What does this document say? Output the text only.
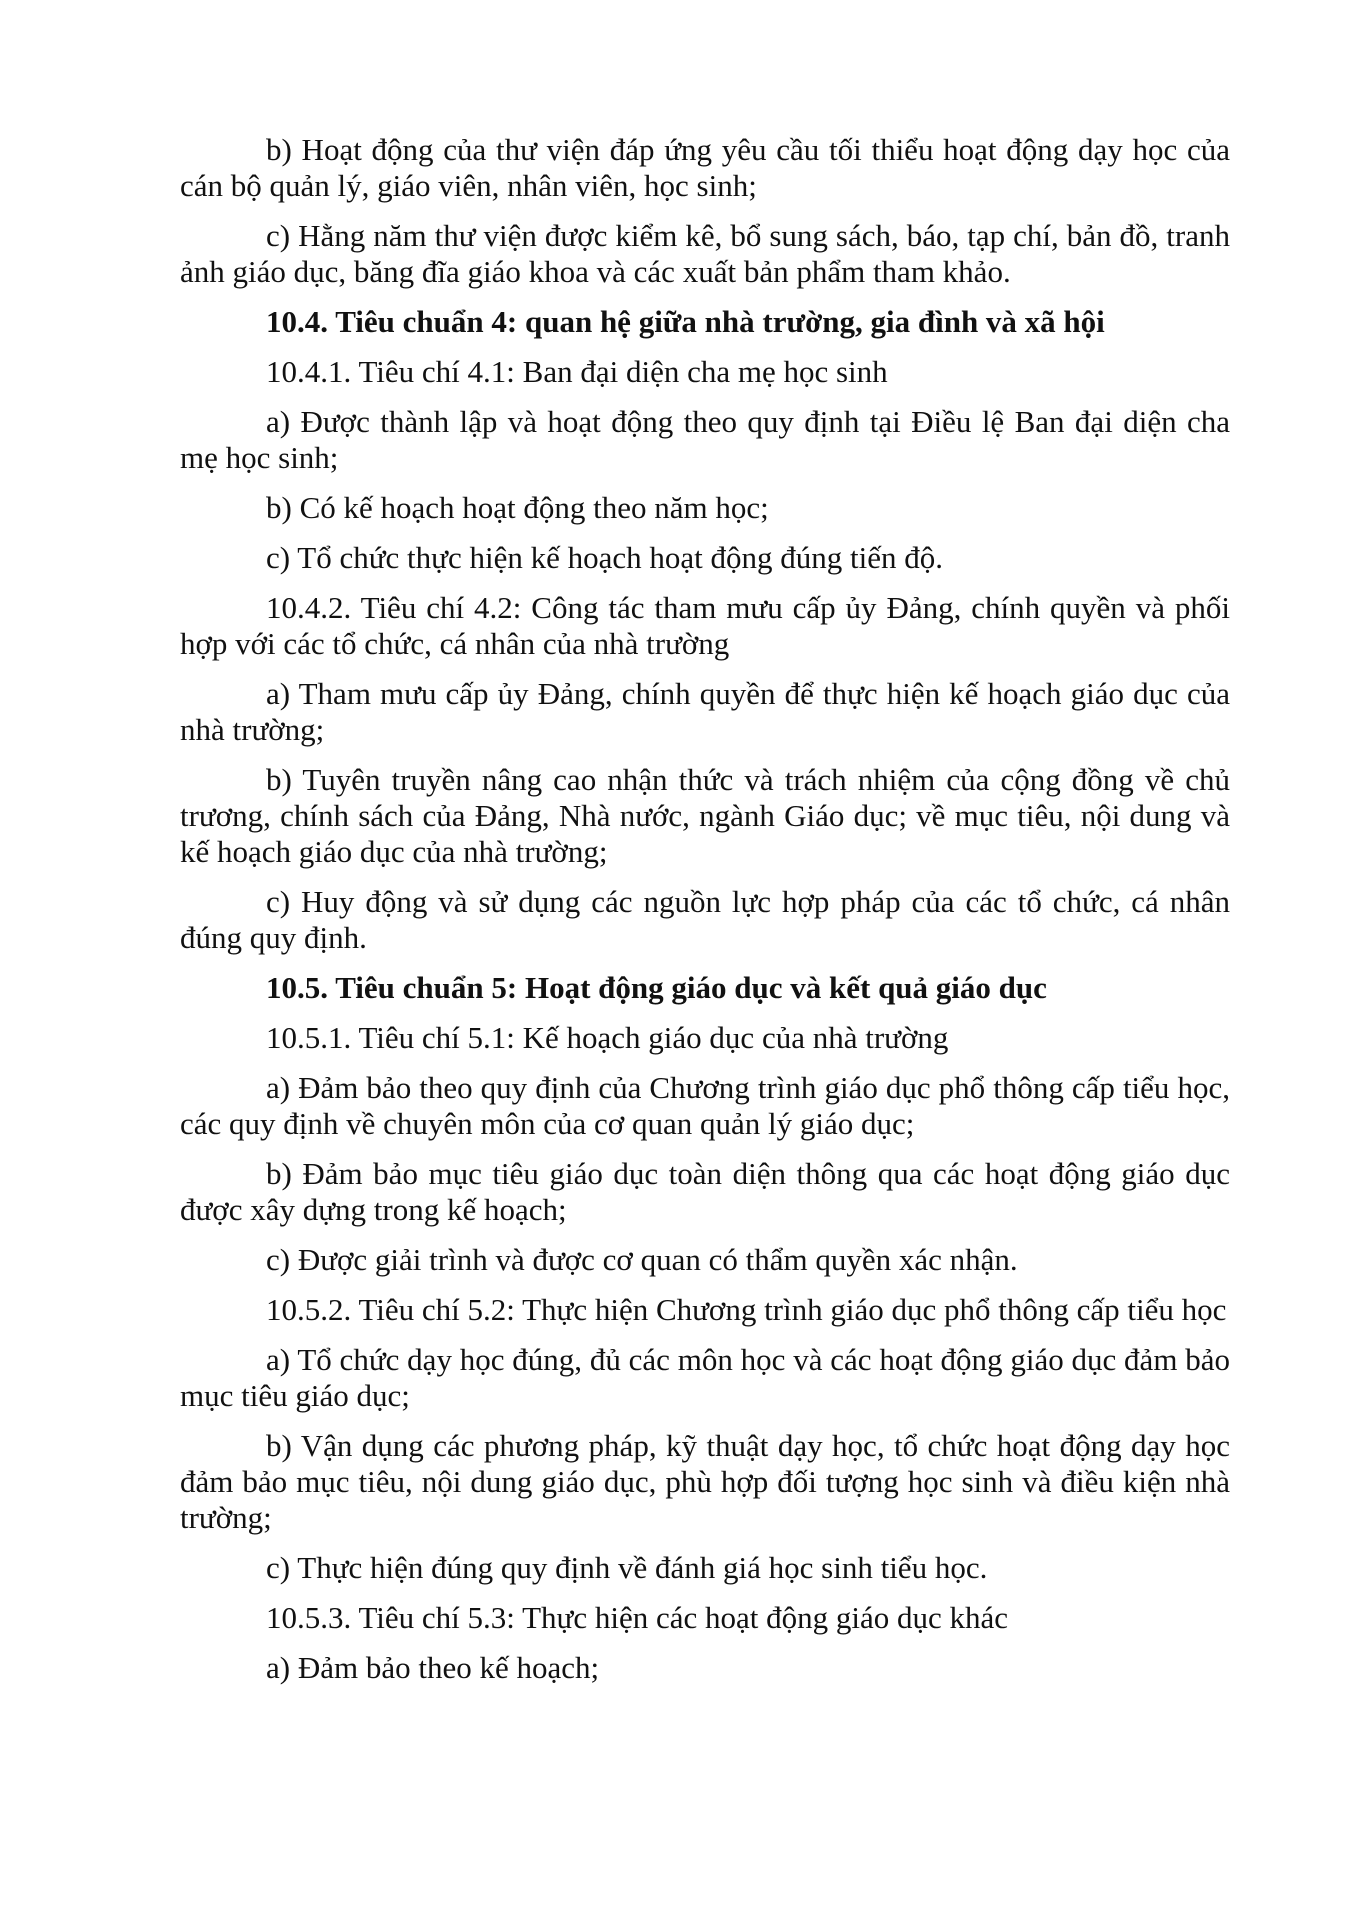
b) Hoạt động của thư viện đáp ứng yêu cầu tối thiểu hoạt động dạy học của cán bộ quản lý, giáo viên, nhân viên, học sinh;

c) Hằng năm thư viện được kiểm kê, bổ sung sách, báo, tạp chí, bản đồ, tranh ảnh giáo dục, băng đĩa giáo khoa và các xuất bản phẩm tham khảo.

10.4. Tiêu chuẩn 4: quan hệ giữa nhà trường, gia đình và xã hội

10.4.1. Tiêu chí 4.1: Ban đại diện cha mẹ học sinh

a) Được thành lập và hoạt động theo quy định tại Điều lệ Ban đại diện cha mẹ học sinh;

b) Có kế hoạch hoạt động theo năm học;

c) Tổ chức thực hiện kế hoạch hoạt động đúng tiến độ.

10.4.2. Tiêu chí 4.2: Công tác tham mưu cấp ủy Đảng, chính quyền và phối hợp với các tổ chức, cá nhân của nhà trường

a) Tham mưu cấp ủy Đảng, chính quyền để thực hiện kế hoạch giáo dục của nhà trường;

b) Tuyên truyền nâng cao nhận thức và trách nhiệm của cộng đồng về chủ trương, chính sách của Đảng, Nhà nước, ngành Giáo dục; về mục tiêu, nội dung và kế hoạch giáo dục của nhà trường;

c) Huy động và sử dụng các nguồn lực hợp pháp của các tổ chức, cá nhân đúng quy định.

10.5. Tiêu chuẩn 5: Hoạt động giáo dục và kết quả giáo dục

10.5.1. Tiêu chí 5.1: Kế hoạch giáo dục của nhà trường

a) Đảm bảo theo quy định của Chương trình giáo dục phổ thông cấp tiểu học, các quy định về chuyên môn của cơ quan quản lý giáo dục;

b) Đảm bảo mục tiêu giáo dục toàn diện thông qua các hoạt động giáo dục được xây dựng trong kế hoạch;

c) Được giải trình và được cơ quan có thẩm quyền xác nhận.

10.5.2. Tiêu chí 5.2: Thực hiện Chương trình giáo dục phổ thông cấp tiểu học

a) Tổ chức dạy học đúng, đủ các môn học và các hoạt động giáo dục đảm bảo mục tiêu giáo dục;

b) Vận dụng các phương pháp, kỹ thuật dạy học, tổ chức hoạt động dạy học đảm bảo mục tiêu, nội dung giáo dục, phù hợp đối tượng học sinh và điều kiện nhà trường;

c) Thực hiện đúng quy định về đánh giá học sinh tiểu học.

10.5.3. Tiêu chí 5.3: Thực hiện các hoạt động giáo dục khác

a) Đảm bảo theo kế hoạch;
